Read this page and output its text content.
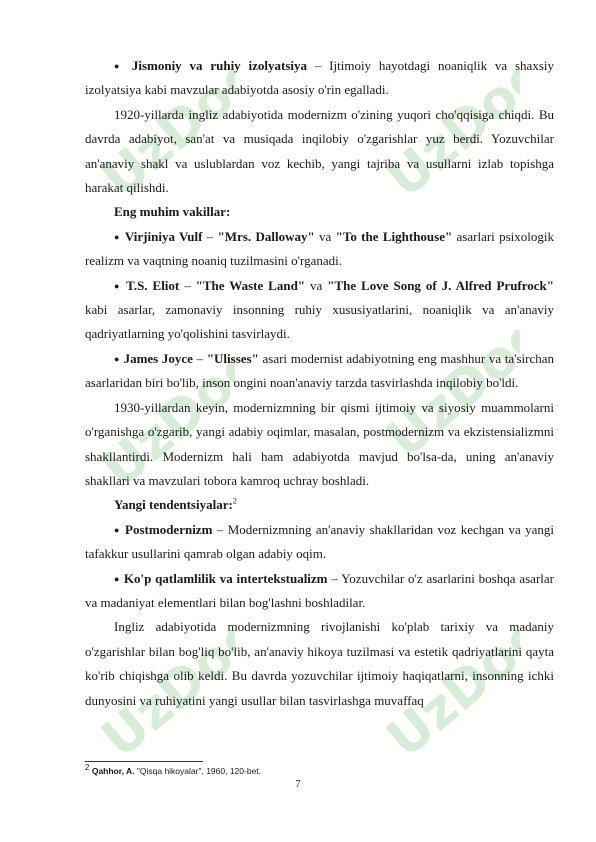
UzDoc UzDoc
UzDoc UzDoc
UzDoc UzDoc

● Jismoniy va ruhiy izolyatsiya – Ijtimoiy hayotdagi noaniqlik va shaxsiy izolyatsiya kabi mavzular adabiyotda asosiy o'rin egalladi.

1920-yillarda ingliz adabiyotida modernizm o'zining yuqori cho'qqisiga chiqdi. Bu davrda adabiyot, san'at va musiqada inqilobiy o'zgarishlar yuz berdi. Yozuvchilar an'anaviy shakl va uslublardan voz kechib, yangi tajriba va usullarni izlab topishga harakat qilishdi.

Eng muhim vakillar:

● Virjiniya Vulf – "Mrs. Dalloway" va "To the Lighthouse" asarlari psixologik realizm va vaqtning noaniq tuzilmasini o'rganadi.

● T.S. Eliot – "The Waste Land" va "The Love Song of J. Alfred Prufrock" kabi asarlar, zamonaviy insonning ruhiy xususiyatlarini, noaniqlik va an'anaviy qadriyatlarning yo'qolishini tasvirlaydi.

● James Joyce – "Ulisses" asari modernist adabiyotning eng mashhur va ta'sirchan asarlaridan biri bo'lib, inson ongini noan'anaviy tarzda tasvirlashda inqilobiy bo'ldi.

1930-yillardan keyin, modernizmning bir qismi ijtimoiy va siyosiy muammolarni o'rganishga o'zgarib, yangi adabiy oqimlar, masalan, postmodernizm va ekzistensializmni shakllantirdi. Modernizm hali ham adabiyotda mavjud bo'lsa-da, uning an'anaviy shakllari va mavzulari tobora kamroq uchray boshladi.

Yangi tendentsiyalar:$^2$

● Postmodernizm – Modernizmning an'anaviy shakllaridan voz kechgan va yangi tafakkur usullarini qamrab olgan adabiy oqim.

● Ko'p qatlamlilik va intertekstualizm – Yozuvchilar o'z asarlarini boshqa asarlar va madaniyat elementlari bilan bog'lashni boshladilar.

Ingliz adabiyotida modernizmning rivojlanishi ko'plab tarixiy va madaniy o'zgarishlar bilan bog'liq bo'lib, an'anaviy hikoya tuzilmasi va estetik qadriyatlarini qayta ko'rib chiqishga olib keldi. Bu davrda yozuvchilar ijtimoiy haqiqatlarni, insonning ichki dunyosini va ruhiyatini yangi usullar bilan tasvirlashga muvaffaq

$^2$ Qahhor, A. "Qisqa hikoyalar", 1960, 120-bet.
7
